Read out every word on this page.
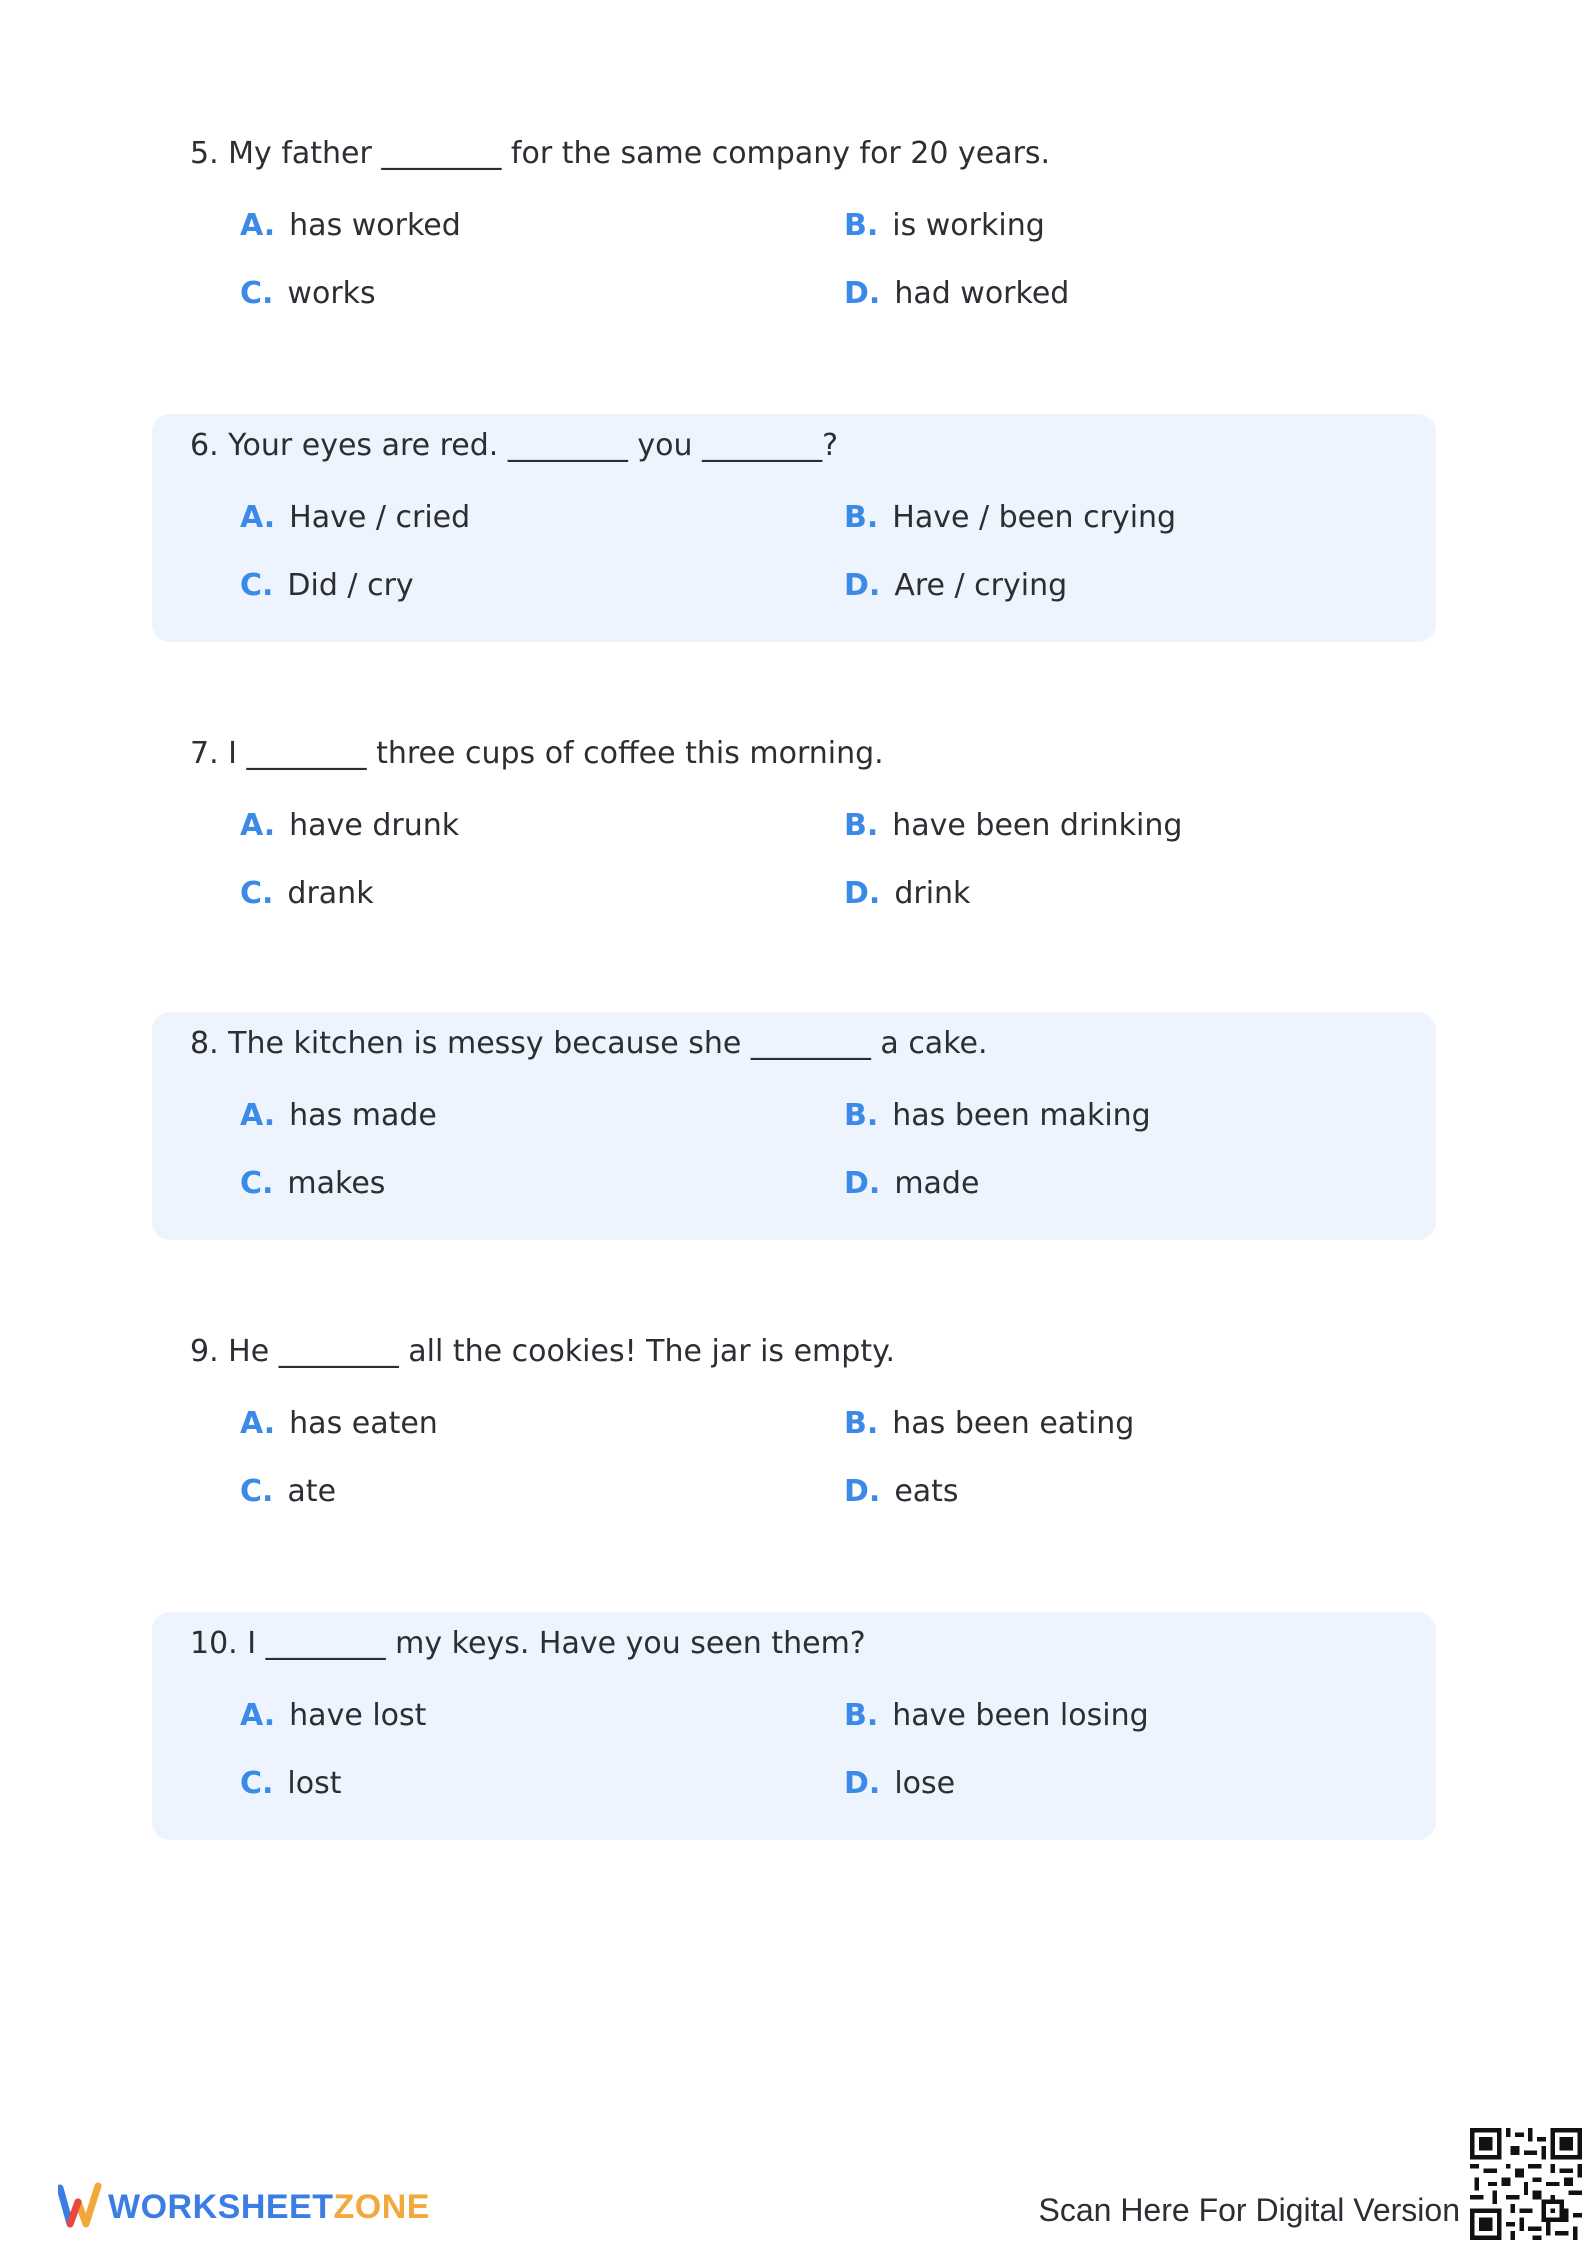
5. My father ________ for the same company for 20 years.
A. has worked	B. is working
C. works	D. had worked
6. Your eyes are red. ________ you ________?
A. Have / cried	B. Have / been crying
C. Did / cry	D. Are / crying
7. I ________ three cups of coffee this morning.
A. have drunk	B. have been drinking
C. drank	D. drink
8. The kitchen is messy because she ________ a cake.
A. has made	B. has been making
C. makes	D. made
9. He ________ all the cookies! The jar is empty.
A. has eaten	B. has been eating
C. ate	D. eats
10. I ________ my keys. Have you seen them?
A. have lost	B. have been losing
C. lost	D. lose
WORKSHEETZONE	Scan Here For Digital Version
